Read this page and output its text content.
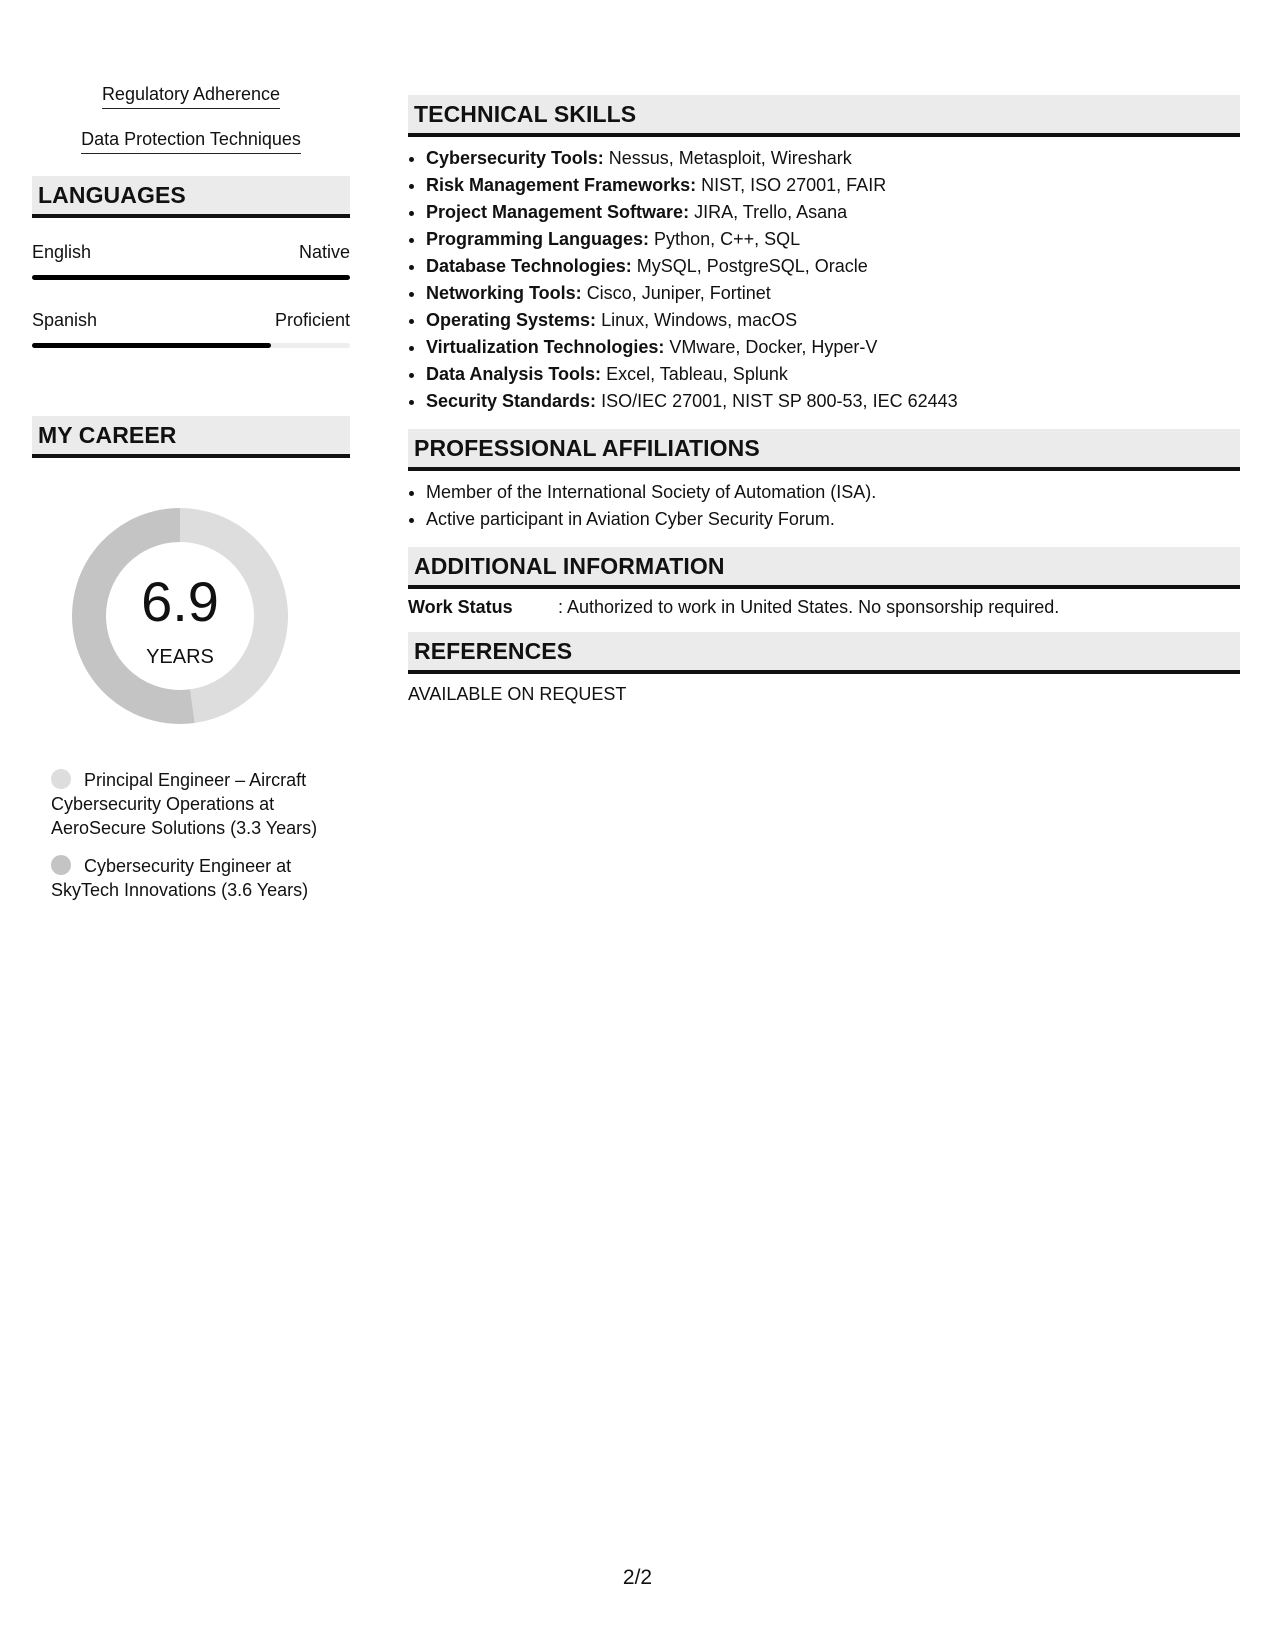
Regulatory Adherence
Data Protection Techniques
LANGUAGES
English	Native
Spanish	Proficient
MY CAREER
6.9
YEARS
Principal Engineer – Aircraft Cybersecurity Operations at AeroSecure Solutions (3.3 Years)
Cybersecurity Engineer at SkyTech Innovations (3.6 Years)
TECHNICAL SKILLS
• Cybersecurity Tools: Nessus, Metasploit, Wireshark
• Risk Management Frameworks: NIST, ISO 27001, FAIR
• Project Management Software: JIRA, Trello, Asana
• Programming Languages: Python, C++, SQL
• Database Technologies: MySQL, PostgreSQL, Oracle
• Networking Tools: Cisco, Juniper, Fortinet
• Operating Systems: Linux, Windows, macOS
• Virtualization Technologies: VMware, Docker, Hyper-V
• Data Analysis Tools: Excel, Tableau, Splunk
• Security Standards: ISO/IEC 27001, NIST SP 800-53, IEC 62443
PROFESSIONAL AFFILIATIONS
• Member of the International Society of Automation (ISA).
• Active participant in Aviation Cyber Security Forum.
ADDITIONAL INFORMATION
Work Status	: Authorized to work in United States. No sponsorship required.
REFERENCES
AVAILABLE ON REQUEST
2/2
